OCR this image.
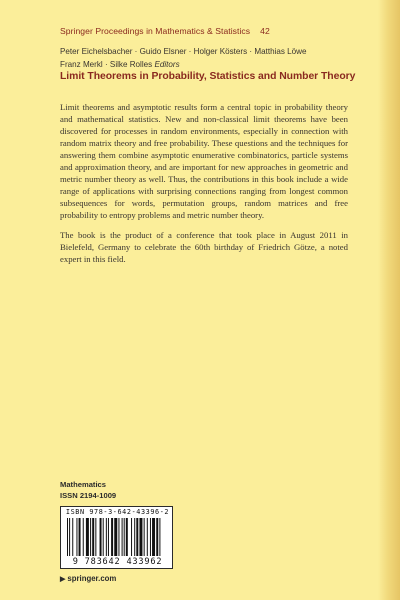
Springer Proceedings in Mathematics & Statistics 42
Peter Eichelsbacher · Guido Elsner · Holger Kösters · Matthias Löwe
Franz Merkl · Silke Rolles Editors
Limit Theorems in Probability, Statistics and Number Theory

Limit theorems and asymptotic results form a central topic in probability theory and mathematical statistics. New and non-classical limit theorems have been discovered for processes in random environments, especially in connection with random matrix theory and free probability. These questions and the techniques for answering them combine asymptotic enumerative combinatorics, particle systems and approximation theory, and are important for new approaches in geometric and metric number theory as well. Thus, the contributions in this book include a wide range of applications with surprising connections ranging from longest common subsequences for words, permutation groups, random matrices and free probability to entropy problems and metric number theory.

The book is the product of a conference that took place in August 2011 in Bielefeld, Germany to celebrate the 60th birthday of Friedrich Götze, a noted expert in this field.

Mathematics
ISSN 2194-1009
ISBN 978-3-642-43396-2
9 783642 433962
▶ springer.com
